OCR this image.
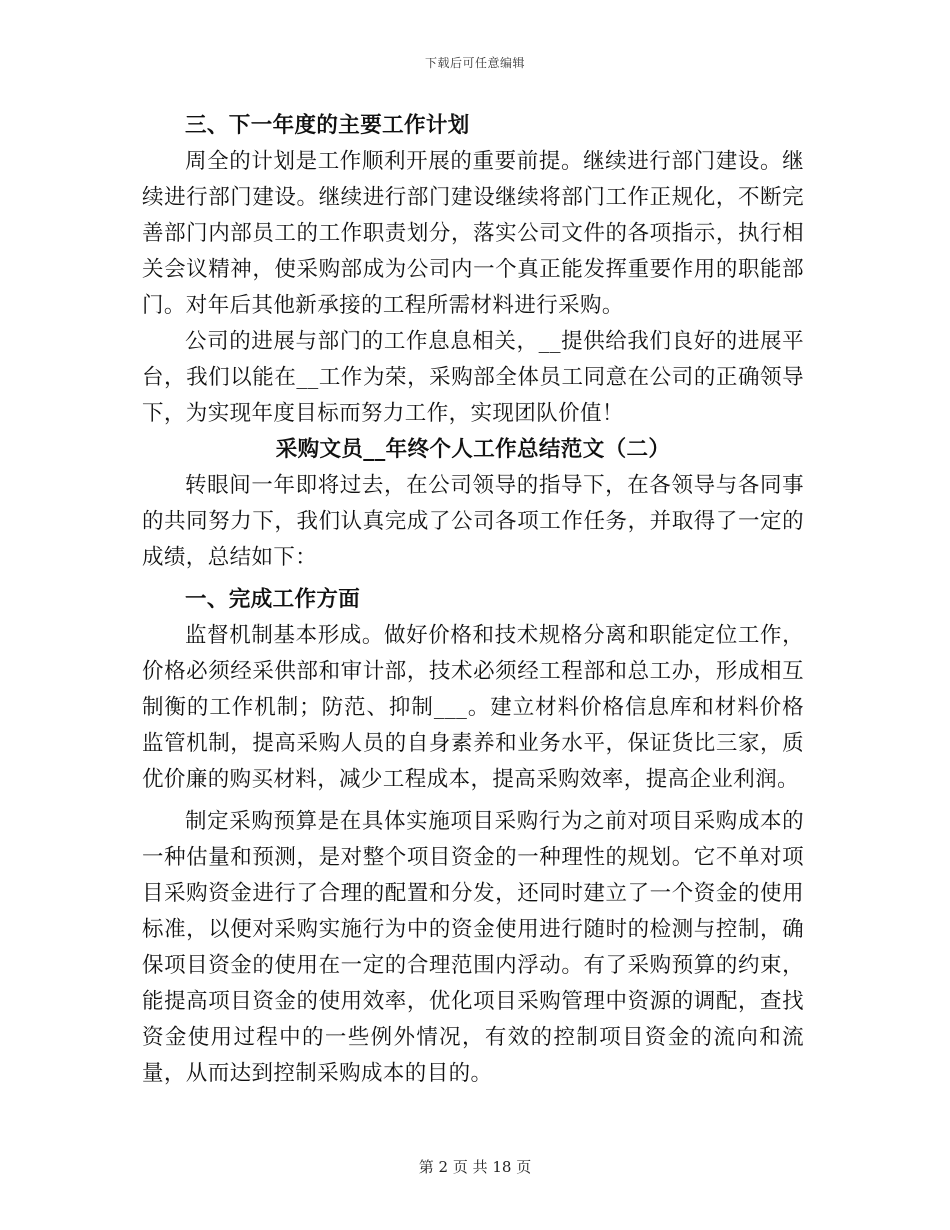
下载后可任意编辑

三、下一年度的主要工作计划

周全的计划是工作顺利开展的重要前提。继续进行部门建设。继续进行部门建设。继续进行部门建设继续将部门工作正规化，不断完善部门内部员工的工作职责划分，落实公司文件的各项指示，执行相关会议精神，使采购部成为公司内一个真正能发挥重要作用的职能部门。对年后其他新承接的工程所需材料进行采购。

公司的进展与部门的工作息息相关，__提供给我们良好的进展平台，我们以能在__工作为荣，采购部全体员工同意在公司的正确领导下，为实现年度目标而努力工作，实现团队价值！

采购文员__年终个人工作总结范文（二）

转眼间一年即将过去，在公司领导的指导下，在各领导与各同事的共同努力下，我们认真完成了公司各项工作任务，并取得了一定的成绩，总结如下：

一、完成工作方面

监督机制基本形成。做好价格和技术规格分离和职能定位工作，价格必须经采供部和审计部，技术必须经工程部和总工办，形成相互制衡的工作机制；防范、抑制___。建立材料价格信息库和材料价格监管机制，提高采购人员的自身素养和业务水平，保证货比三家，质优价廉的购买材料，减少工程成本，提高采购效率，提高企业利润。

制定采购预算是在具体实施项目采购行为之前对项目采购成本的一种估量和预测，是对整个项目资金的一种理性的规划。它不单对项目采购资金进行了合理的配置和分发，还同时建立了一个资金的使用标准，以便对采购实施行为中的资金使用进行随时的检测与控制，确保项目资金的使用在一定的合理范围内浮动。有了采购预算的约束，能提高项目资金的使用效率，优化项目采购管理中资源的调配，查找资金使用过程中的一些例外情况，有效的控制项目资金的流向和流量，从而达到控制采购成本的目的。

第 2 页 共 18 页
